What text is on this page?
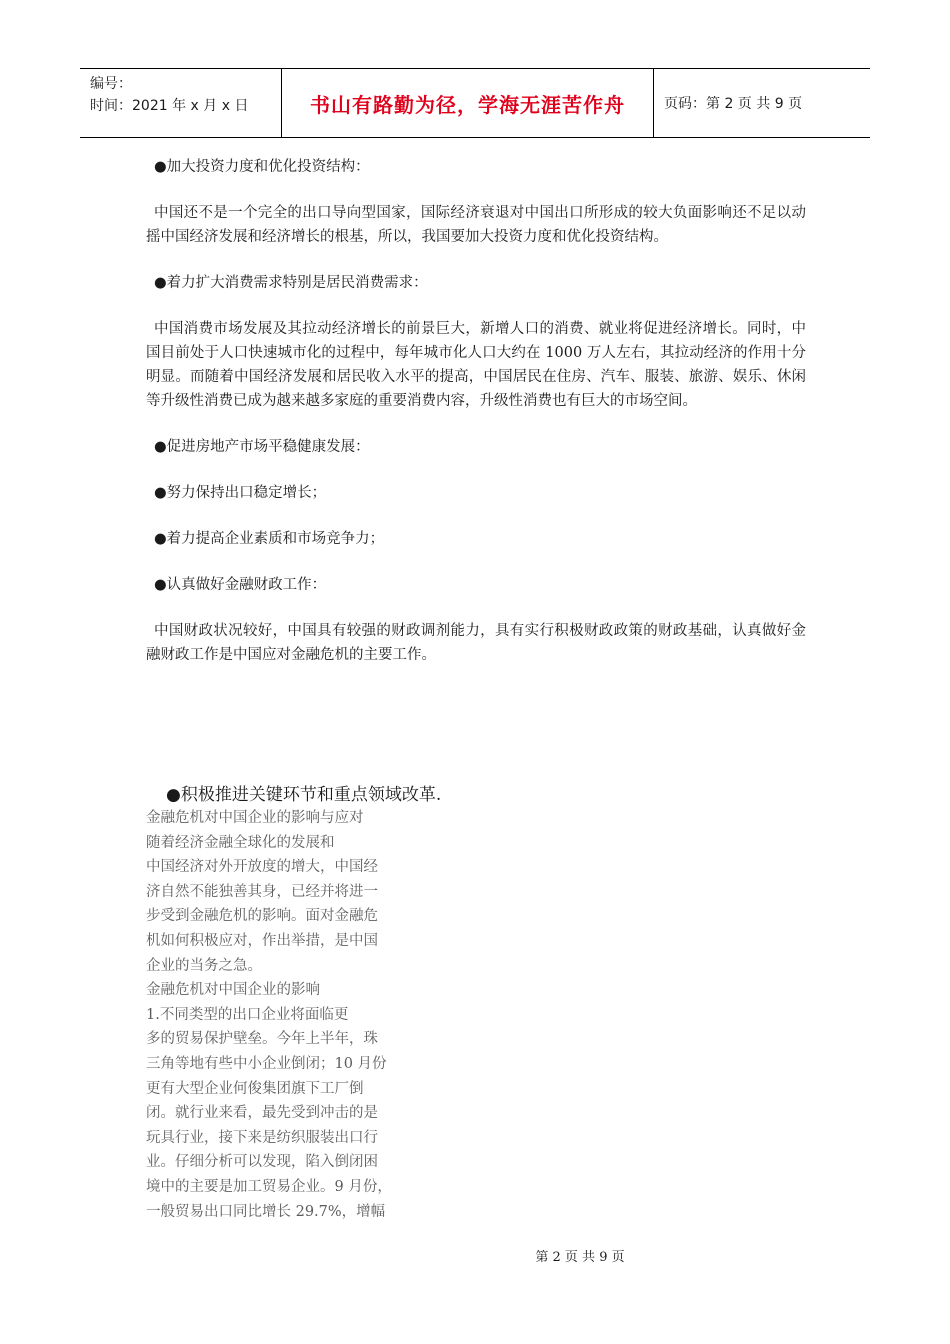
编号：
时间：2021 年 x 月 x 日	书山有路勤为径，学海无涯苦作舟	页码：第 2 页 共 9 页
●加大投资力度和优化投资结构：
中国还不是一个完全的出口导向型国家，国际经济衰退对中国出口所形成的较大负面影响还不足以动摇中国经济发展和经济增长的根基，所以，我国要加大投资力度和优化投资结构。
●着力扩大消费需求特别是居民消费需求：
中国消费市场发展及其拉动经济增长的前景巨大，新增人口的消费、就业将促进经济增长。同时，中国目前处于人口快速城市化的过程中，每年城市化人口大约在 1000 万人左右，其拉动经济的作用十分明显。而随着中国经济发展和居民收入水平的提高，中国居民在住房、汽车、服装、旅游、娱乐、休闲等升级性消费已成为越来越多家庭的重要消费内容，升级性消费也有巨大的市场空间。
●促进房地产市场平稳健康发展：
●努力保持出口稳定增长；
●着力提高企业素质和市场竞争力；
●认真做好金融财政工作：
中国财政状况较好，中国具有较强的财政调剂能力，具有实行积极财政政策的财政基础，认真做好金融财政工作是中国应对金融危机的主要工作。
●积极推进关键环节和重点领域改革.
金融危机对中国企业的影响与应对
随着经济金融全球化的发展和
中国经济对外开放度的增大，中国经
济自然不能独善其身，已经并将进一
步受到金融危机的影响。面对金融危
机如何积极应对，作出举措，是中国
企业的当务之急。
金融危机对中国企业的影响
1.不同类型的出口企业将面临更
多的贸易保护壁垒。今年上半年，珠
三角等地有些中小企业倒闭；10 月份
更有大型企业何俊集团旗下工厂倒
闭。就行业来看，最先受到冲击的是
玩具行业，接下来是纺织服装出口行
业。仔细分析可以发现，陷入倒闭困
境中的主要是加工贸易企业。9 月份，
一般贸易出口同比增长 29.7%，增幅
第 2 页 共 9 页
